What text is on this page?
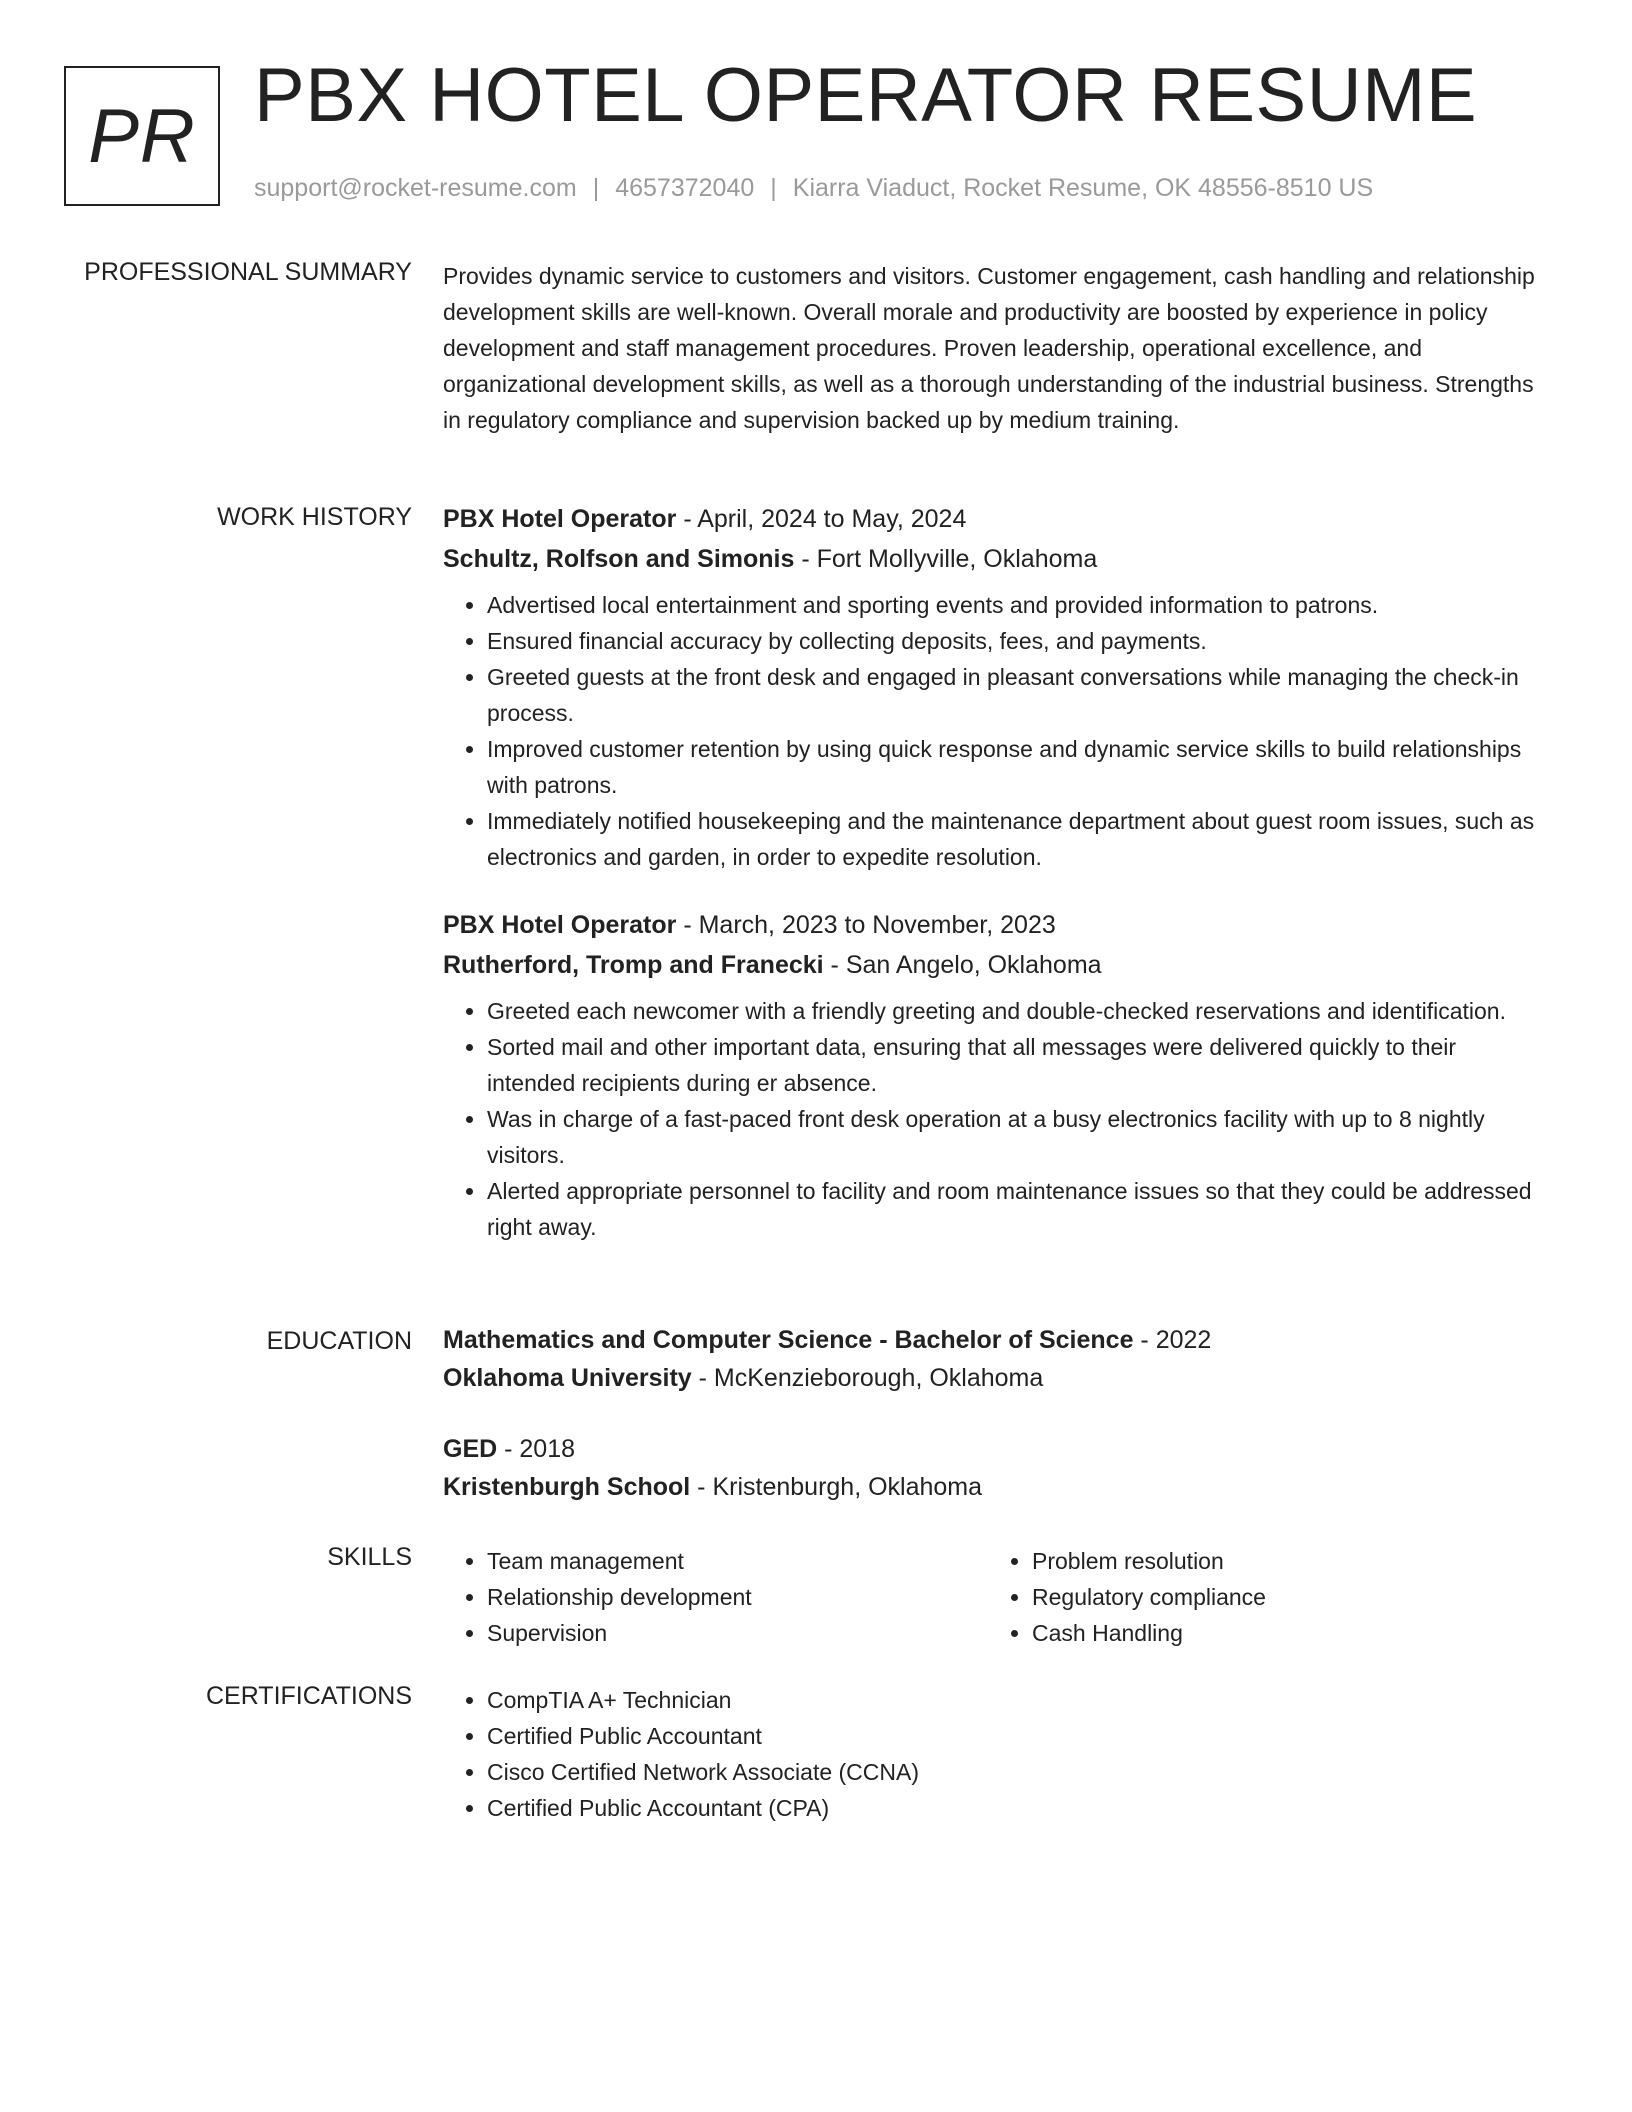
PR PBX HOTEL OPERATOR RESUME
support@rocket-resume.com | 4657372040 | Kiarra Viaduct, Rocket Resume, OK 48556-8510 US
PROFESSIONAL SUMMARY Provides dynamic service to customers and visitors. Customer engagement, cash handling and relationship development skills are well-known. Overall morale and productivity are boosted by experience in policy development and staff management procedures. Proven leadership, operational excellence, and organizational development skills, as well as a thorough understanding of the industrial business. Strengths in regulatory compliance and supervision backed up by medium training.

WORK HISTORY PBX Hotel Operator - April, 2024 to May, 2024
Schultz, Rolfson and Simonis - Fort Mollyville, Oklahoma
• Advertised local entertainment and sporting events and provided information to patrons.
• Ensured financial accuracy by collecting deposits, fees, and payments.
• Greeted guests at the front desk and engaged in pleasant conversations while managing the check-in process.
• Improved customer retention by using quick response and dynamic service skills to build relationships with patrons.
• Immediately notified housekeeping and the maintenance department about guest room issues, such as electronics and garden, in order to expedite resolution.
PBX Hotel Operator - March, 2023 to November, 2023
Rutherford, Tromp and Franecki - San Angelo, Oklahoma
• Greeted each newcomer with a friendly greeting and double-checked reservations and identification.
• Sorted mail and other important data, ensuring that all messages were delivered quickly to their intended recipients during er absence.
• Was in charge of a fast-paced front desk operation at a busy electronics facility with up to 8 nightly visitors.
• Alerted appropriate personnel to facility and room maintenance issues so that they could be addressed right away.
EDUCATION Mathematics and Computer Science - Bachelor of Science - 2022
Oklahoma University - McKenzieborough, Oklahoma
GED - 2018
Kristenburgh School - Kristenburgh, Oklahoma
SKILLS	• Team management
• Relationship development
• Supervision
• Problem resolution
• Regulatory compliance
• Cash Handling
CERTIFICATIONS	• CompTIA A+ Technician
• Certified Public Accountant
• Cisco Certified Network Associate (CCNA)
• Certified Public Accountant (CPA)
